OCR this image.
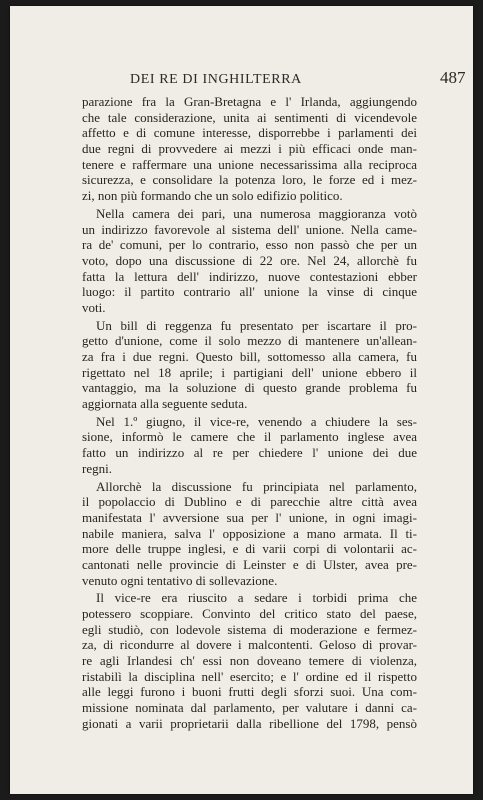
DEI RE DI INGHILTERRA	487
parazione fra la Gran-Bretagna e l' Irlanda, aggiungendo
che tale considerazione, unita ai sentimenti di vicendevole
affetto e di comune interesse, disporrebbe i parlamenti dei
due regni di provvedere ai mezzi i più efficaci onde man-
tenere e raffermare una unione necessarissima alla reciproca
sicurezza, e consolidare la potenza loro, le forze ed i mez-
zi, non più formando che un solo edifizio politico.
Nella camera dei pari, una numerosa maggioranza votò
un indirizzo favorevole al sistema dell' unione. Nella came-
ra de' comuni, per lo contrario, esso non passò che per un
voto, dopo una discussione di 22 ore. Nel 24, allorchè fu
fatta la lettura dell' indirizzo, nuove contestazioni ebber
luogo: il partito contrario all' unione la vinse di cinque
voti.
Un bill di reggenza fu presentato per iscartare il pro-
getto d'unione, come il solo mezzo di mantenere un'allean-
za fra i due regni. Questo bill, sottomesso alla camera, fu
rigettato nel 18 aprile; i partigiani dell' unione ebbero il
vantaggio, ma la soluzione di questo grande problema fu
aggiornata alla seguente seduta.
Nel 1.º giugno, il vice-re, venendo a chiudere la ses-
sione, informò le camere che il parlamento inglese avea
fatto un indirizzo al re per chiedere l' unione dei due
regni.
Allorchè la discussione fu principiata nel parlamento,
il popolaccio di Dublino e di parecchie altre città avea
manifestata l' avversione sua per l' unione, in ogni imagi-
nabile maniera, salva l' opposizione a mano armata. Il ti-
more delle truppe inglesi, e di varii corpi di volontarii ac-
cantonati nelle provincie di Leinster e di Ulster, avea pre-
venuto ogni tentativo di sollevazione.
Il vice-re era riuscito a sedare i torbidi prima che
potessero scoppiare. Convinto del critico stato del paese,
egli studiò, con lodevole sistema di moderazione e fermez-
za, di ricondurre al dovere i malcontenti. Geloso di provar-
re agli Irlandesi ch' essi non doveano temere di violenza,
ristabilì la disciplina nell' esercito; e l' ordine ed il rispetto
alle leggi furono i buoni frutti degli sforzi suoi. Una com-
missione nominata dal parlamento, per valutare i danni ca-
gionati a varii proprietarii dalla ribellione del 1798, pensò
